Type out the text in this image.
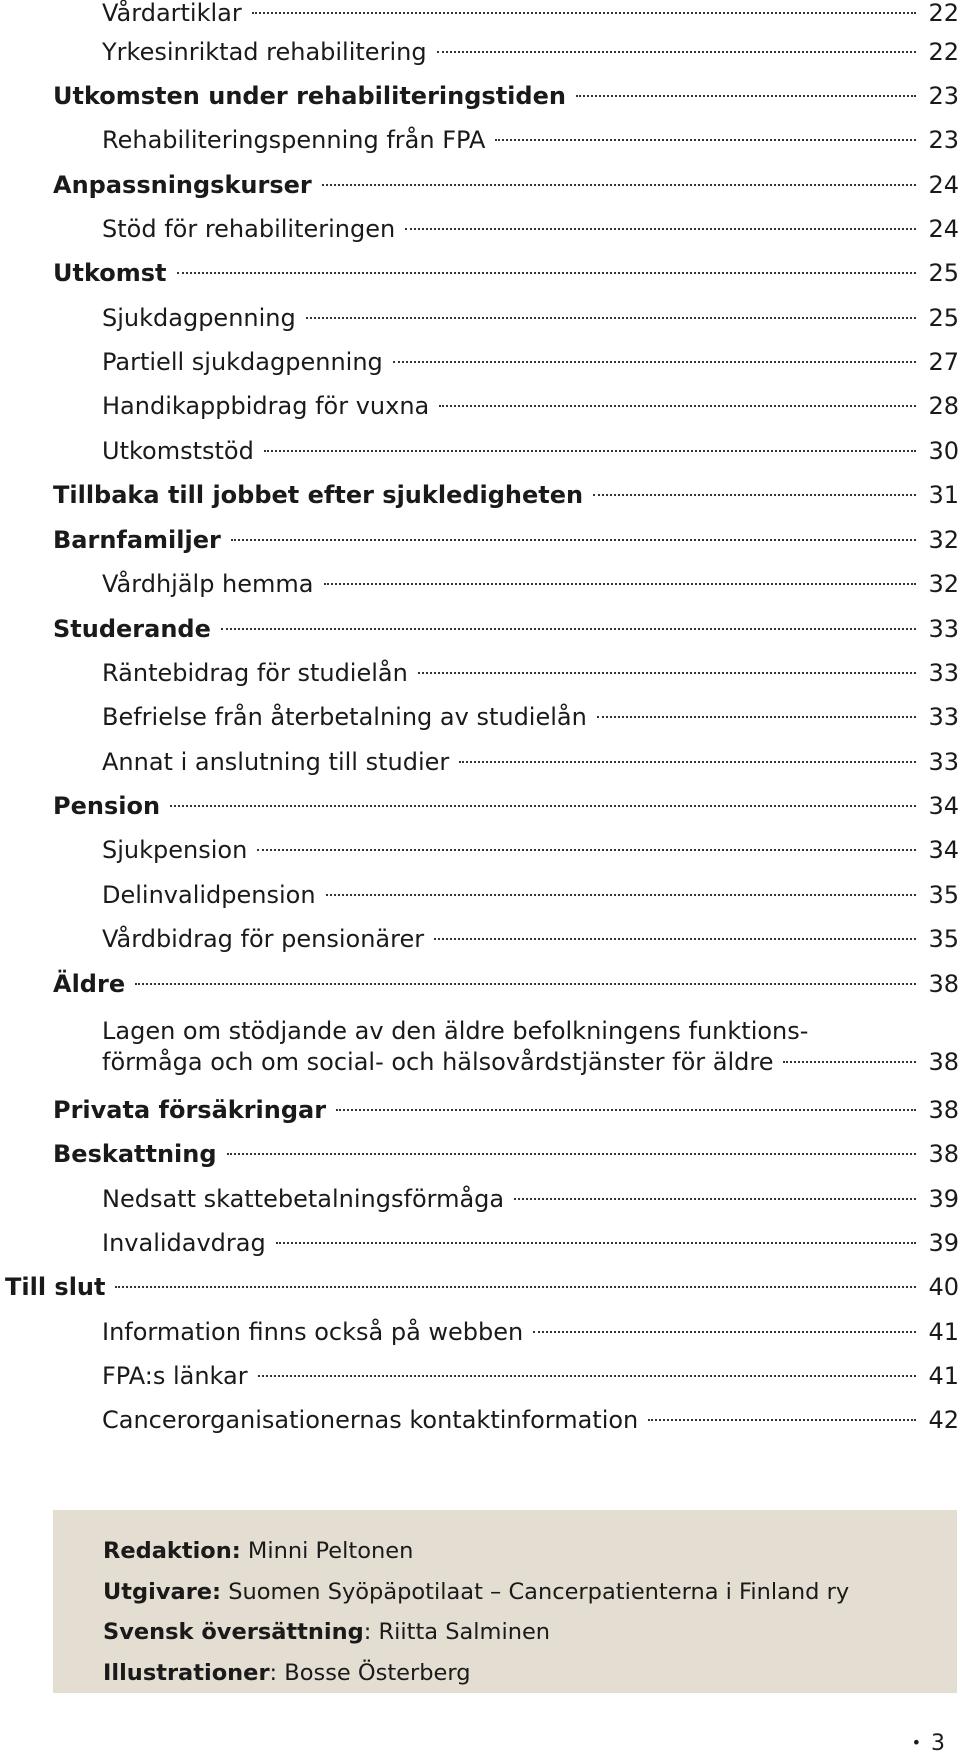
Vårdartiklar	22
Yrkesinriktad rehabilitering	22
Utkomsten under rehabiliteringstiden	23
Rehabiliteringspenning från FPA	23
Anpassningskurser	24
Stöd för rehabiliteringen	24
Utkomst	25
Sjukdagpenning	25
Partiell sjukdagpenning	27
Handikappbidrag för vuxna	28
Utkomststöd	30
Tillbaka till jobbet efter sjukledigheten	31
Barnfamiljer	32
Vårdhjälp hemma	32
Studerande	33
Räntebidrag för studielån	33
Befrielse från återbetalning av studielån	33
Annat i anslutning till studier	33
Pension	34
Sjukpension	34
Delinvalidpension	35
Vårdbidrag för pensionärer	35
Äldre	38
Lagen om stödjande av den äldre befolkningens funktions-
förmåga och om social- och hälsovårdstjänster för äldre	38
Privata försäkringar	38
Beskattning	38
Nedsatt skattebetalningsförmåga	39
Invalidavdrag	39
Till slut	40
Information finns också på webben	41
FPA:s länkar	41
Cancerorganisationernas kontaktinformation	42
Redaktion: Minni Peltonen
Utgivare: Suomen Syöpäpotilaat – Cancerpatienterna i Finland ry
Svensk översättning: Riitta Salminen
Illustrationer: Bosse Österberg
• 3
